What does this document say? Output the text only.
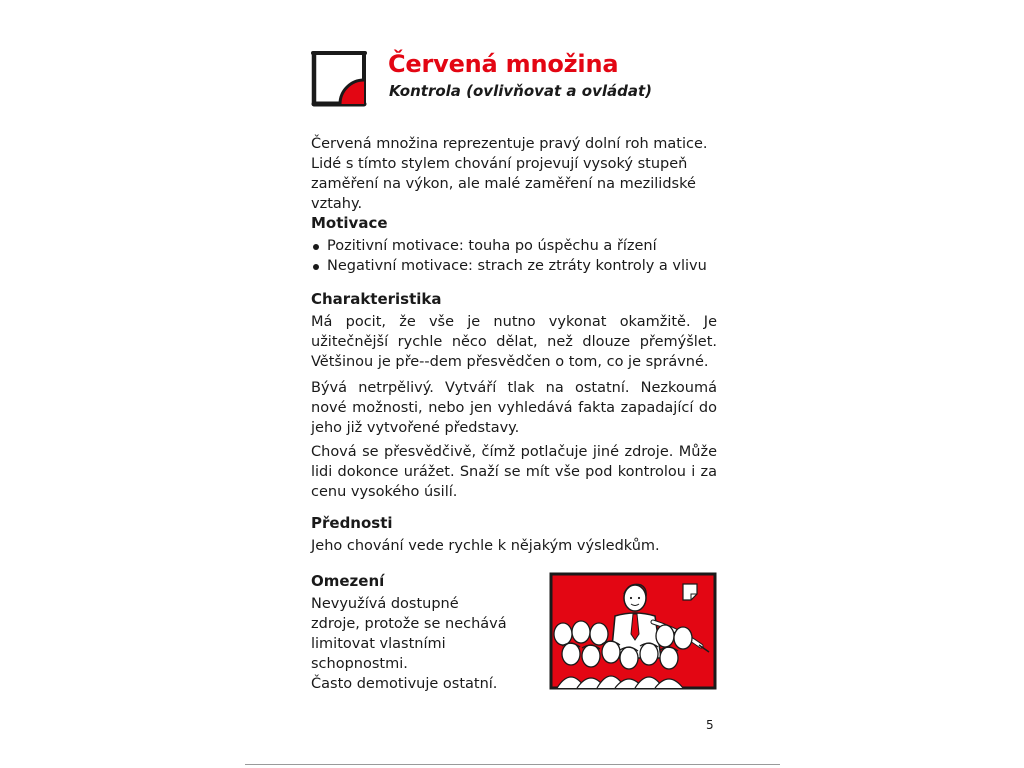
Červená množina
Kontrola (ovlivňovat a ovládat)

Červená množina reprezentuje pravý dolní roh matice. Lidé s tímto stylem chování projevují vysoký stupeň zaměření na výkon, ale malé zaměření na mezilidské vztahy.

Motivace
Pozitivní motivace: touha po úspěchu a řízení
Negativní motivace: strach ze ztráty kontroly a vlivu
Charakteristika

Má pocit, že vše je nutno vykonat okamžitě. Je užitečnější rychle něco dělat, než dlouze přemýšlet. Většinou je pře--dem přesvědčen o tom, co je správné.

Bývá netrpělivý. Vytváří tlak na ostatní. Nezkoumá nové možnosti, nebo jen vyhledává fakta zapadající do jeho již vytvořené představy.

Chová se přesvědčivě, čímž potlačuje jiné zdroje. Může lidi dokonce urážet. Snaží se mít vše pod kontrolou i za cenu vysokého úsilí.

Přednosti

Jeho chování vede rychle k nějakým výsledkům.

Omezení

Nevyužívá dostupné
zdroje, protože se nechává
limitovat vlastními
schopnostmi.
Často demotivuje ostatní.

5
